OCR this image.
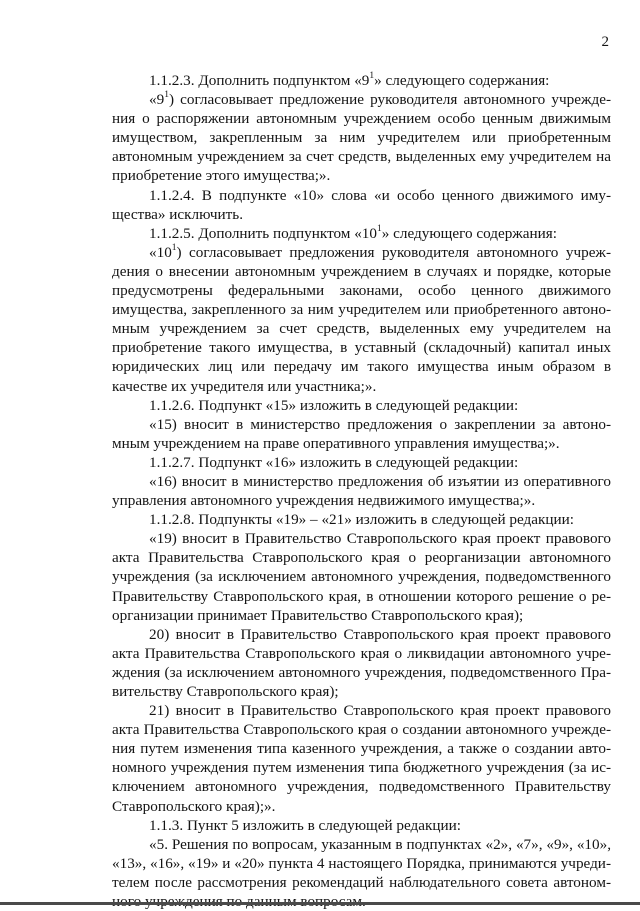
2

1.1.2.3. Дополнить подпунктом «$9^1$» следующего содержания:

«$9^1$) согласовывает предложение руководителя автономного учреждения о распоряжении автономным учреждением особо ценным движимым имуществом, закрепленным за ним учредителем или приобретенным автономным учреждением за счет средств, выделенных ему учредителем на приобретение этого имущества;».

1.1.2.4. В подпункте «10» слова «и особо ценного движимого имущества» исключить.

1.1.2.5. Дополнить подпунктом «$10^1$» следующего содержания:

«$10^1$) согласовывает предложения руководителя автономного учреждения о внесении автономным учреждением в случаях и порядке, которые предусмотрены федеральными законами, особо ценного движимого имущества, закрепленного за ним учредителем или приобретенного автономным учреждением за счет средств, выделенных ему учредителем на приобретение такого имущества, в уставный (складочный) капитал иных юридических лиц или передачу им такого имущества иным образом в качестве их учредителя или участника;».

1.1.2.6. Подпункт «15» изложить в следующей редакции:

«15) вносит в министерство предложения о закреплении за автономным учреждением на праве оперативного управления имущества;».

1.1.2.7. Подпункт «16» изложить в следующей редакции:

«16) вносит в министерство предложения об изъятии из оперативного управления автономного учреждения недвижимого имущества;».

1.1.2.8. Подпункты «19» – «21» изложить в следующей редакции:

«19) вносит в Правительство Ставропольского края проект правового акта Правительства Ставропольского края о реорганизации автономного учреждения (за исключением автономного учреждения, подведомственного Правительству Ставропольского края, в отношении которого решение о реорганизации принимает Правительство Ставропольского края);

20) вносит в Правительство Ставропольского края проект правового акта Правительства Ставропольского края о ликвидации автономного учреждения (за исключением автономного учреждения, подведомственного Правительству Ставропольского края);

21) вносит в Правительство Ставропольского края проект правового акта Правительства Ставропольского края о создании автономного учреждения путем изменения типа казенного учреждения, а также о создании автономного учреждения путем изменения типа бюджетного учреждения (за исключением автономного учреждения, подведомственного Правительству Ставропольского края);».

1.1.3. Пункт 5 изложить в следующей редакции:

«5. Решения по вопросам, указанным в подпунктах «2», «7», «9», «10», «13», «16», «19» и «20» пункта 4 настоящего Порядка, принимаются учредителем после рассмотрения рекомендаций наблюдательного совета автоном
